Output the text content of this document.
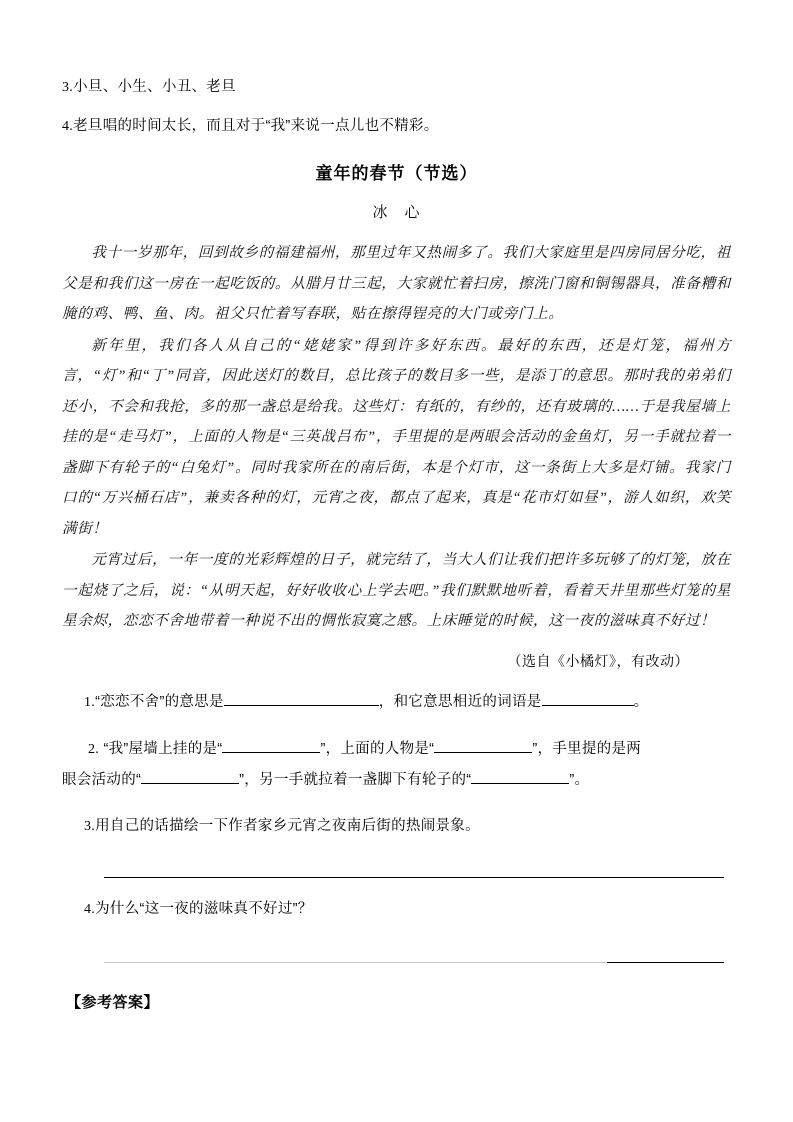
3.小旦、小生、小丑、老旦
4.老旦唱的时间太长，而且对于“我”来说一点儿也不精彩。
童年的春节（节选）
冰　心

我十一岁那年，回到故乡的福建福州，那里过年又热闹多了。我们大家庭里是四房同居分吃，祖父是和我们这一房在一起吃饭的。从腊月廿三起，大家就忙着扫房，擦洗门窗和铜锡器具，准备糟和腌的鸡、鸭、鱼、肉。祖父只忙着写春联，贴在擦得锃亮的大门或旁门上。

新年里，我们各人从自己的“姥姥家”得到许多好东西。最好的东西，还是灯笼，福州方言，“灯”和“丁”同音，因此送灯的数目，总比孩子的数目多一些，是添丁的意思。那时我的弟弟们还小，不会和我抢，多的那一盏总是给我。这些灯：有纸的，有纱的，还有玻璃的……于是我屋墙上挂的是“走马灯”，上面的人物是“三英战吕布”，手里提的是两眼会活动的金鱼灯，另一手就拉着一盏脚下有轮子的“白兔灯”。同时我家所在的南后街，本是个灯市，这一条街上大多是灯铺。我家门口的“万兴桶石店”，兼卖各种的灯，元宵之夜，都点了起来，真是“花市灯如昼”，游人如织，欢笑满街！

元宵过后，一年一度的光彩辉煌的日子，就完结了，当大人们让我们把许多玩够了的灯笼，放在一起烧了之后，说：“从明天起，好好收收心上学去吧。”我们默默地听着，看着天井里那些灯笼的星星余烬，恋恋不舍地带着一种说不出的惆怅寂寞之感。上床睡觉的时候，这一夜的滋味真不好过！

（选自《小橘灯》，有改动）
1.“恋恋不舍”的意思是	，和它意思相近的词语是	。
2. “我”屋墙上挂的是“	”，上面的人物是“	”，手里提的是两
眼会活动的“	”，另一手就拉着一盏脚下有轮子的“	”。
3.用自己的话描绘一下作者家乡元宵之夜南后街的热闹景象。
4.为什么“这一夜的滋味真不好过”？
【参考答案】
